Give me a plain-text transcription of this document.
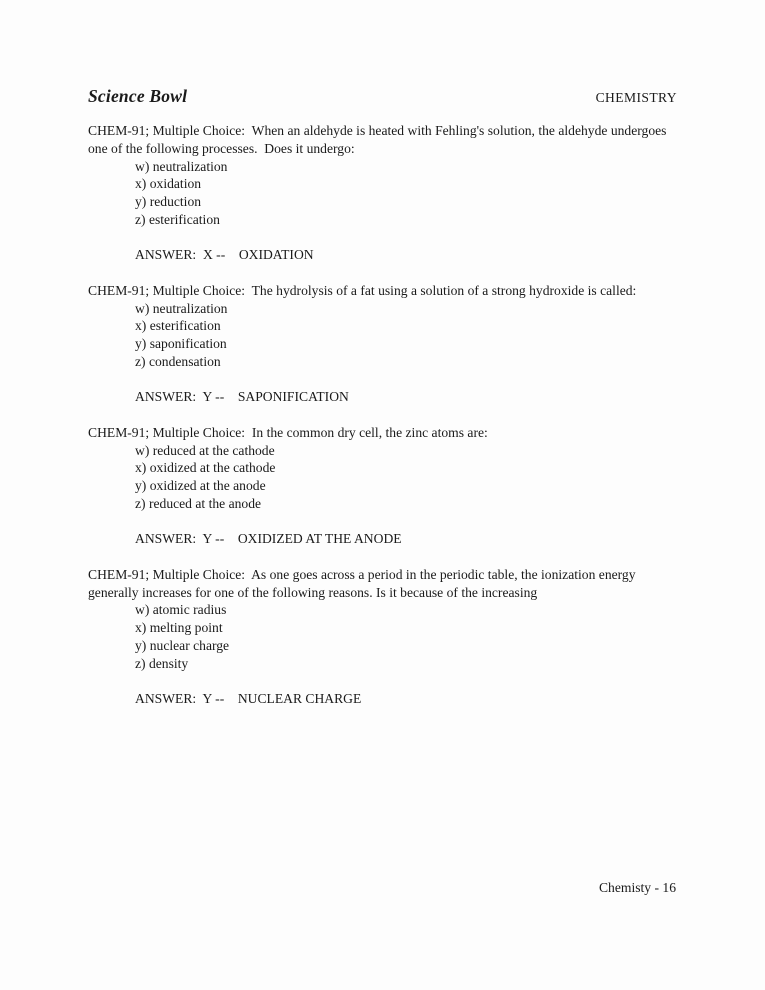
Science Bowl	CHEMISTRY

CHEM-91; Multiple Choice:  When an aldehyde is heated with Fehling's solution, the aldehyde undergoes one of the following processes.  Does it undergo:

w) neutralization
x) oxidation
y) reduction
z) esterification

ANSWER:  X --    OXIDATION

CHEM-91; Multiple Choice:  The hydrolysis of a fat using a solution of a strong hydroxide is called:

w) neutralization
x) esterification
y) saponification
z) condensation

ANSWER:  Y --    SAPONIFICATION

CHEM-91; Multiple Choice:  In the common dry cell, the zinc atoms are:

w) reduced at the cathode
x) oxidized at the cathode
y) oxidized at the anode
z) reduced at the anode

ANSWER:  Y --    OXIDIZED AT THE ANODE

CHEM-91; Multiple Choice:  As one goes across a period in the periodic table, the ionization energy generally increases for one of the following reasons. Is it because of the increasing

w) atomic radius
x) melting point
y) nuclear charge
z) density

ANSWER:  Y --    NUCLEAR CHARGE

Chemisty - 16
